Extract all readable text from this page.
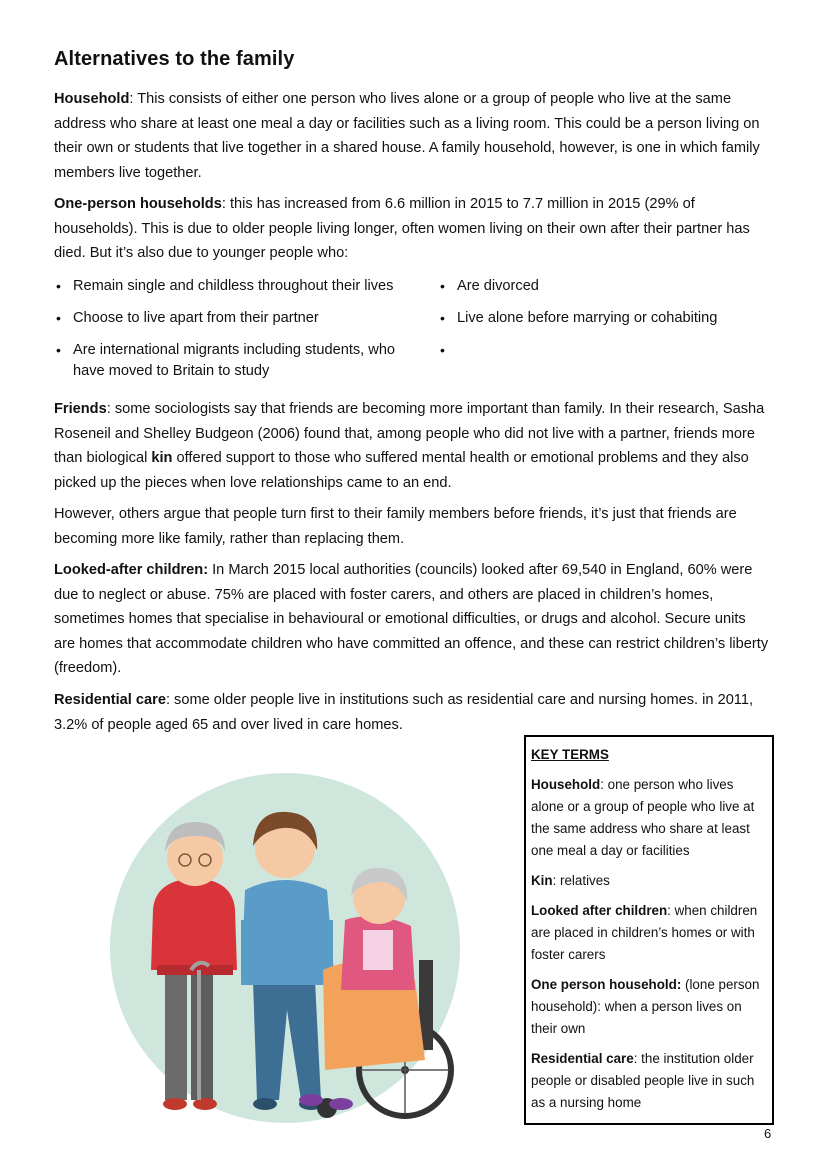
Alternatives to the family

Household: This consists of either one person who lives alone or a group of people who live at the same address who share at least one meal a day or facilities such as a living room. This could be a person living on their own or students that live together in a shared house. A family household, however, is one in which family members live together.

One-person households: this has increased from 6.6 million in 2015 to 7.7 million in 2015 (29% of households). This is due to older people living longer, often women living on their own after their partner has died. But it’s also due to younger people who:

• Remain single and childless throughout their lives
• Choose to live apart from their partner
• Are international migrants including students, who have moved to Britain to study
• Are divorced
• Live alone before marrying or cohabiting
•

Friends: some sociologists say that friends are becoming more important than family. In their research, Sasha Roseneil and Shelley Budgeon (2006) found that, among people who did not live with a partner, friends more than biological kin offered support to those who suffered mental health or emotional problems and they also picked up the pieces when love relationships came to an end.

However, others argue that people turn first to their family members before friends, it’s just that friends are becoming more like family, rather than replacing them.

Looked-after children: In March 2015 local authorities (councils) looked after 69,540 in England, 60% were due to neglect or abuse. 75% are placed with foster carers, and others are placed in children’s homes, sometimes homes that specialise in behavioural or emotional difficulties, or drugs and alcohol. Secure units are homes that accommodate children who have committed an offence, and these can restrict children’s liberty (freedom).

Residential care: some older people live in institutions such as residential care and nursing homes. in 2011, 3.2% of people aged 65 and over lived in care homes.

KEY TERMS
Household: one person who lives alone or a group of people who live at the same address who share at least one meal a day or facilities
Kin: relatives
Looked after children: when children are placed in children’s homes or with foster carers
One person household: (lone person household): when a person lives on their own
Residential care: the institution older people or disabled people live in such as a nursing home
6
